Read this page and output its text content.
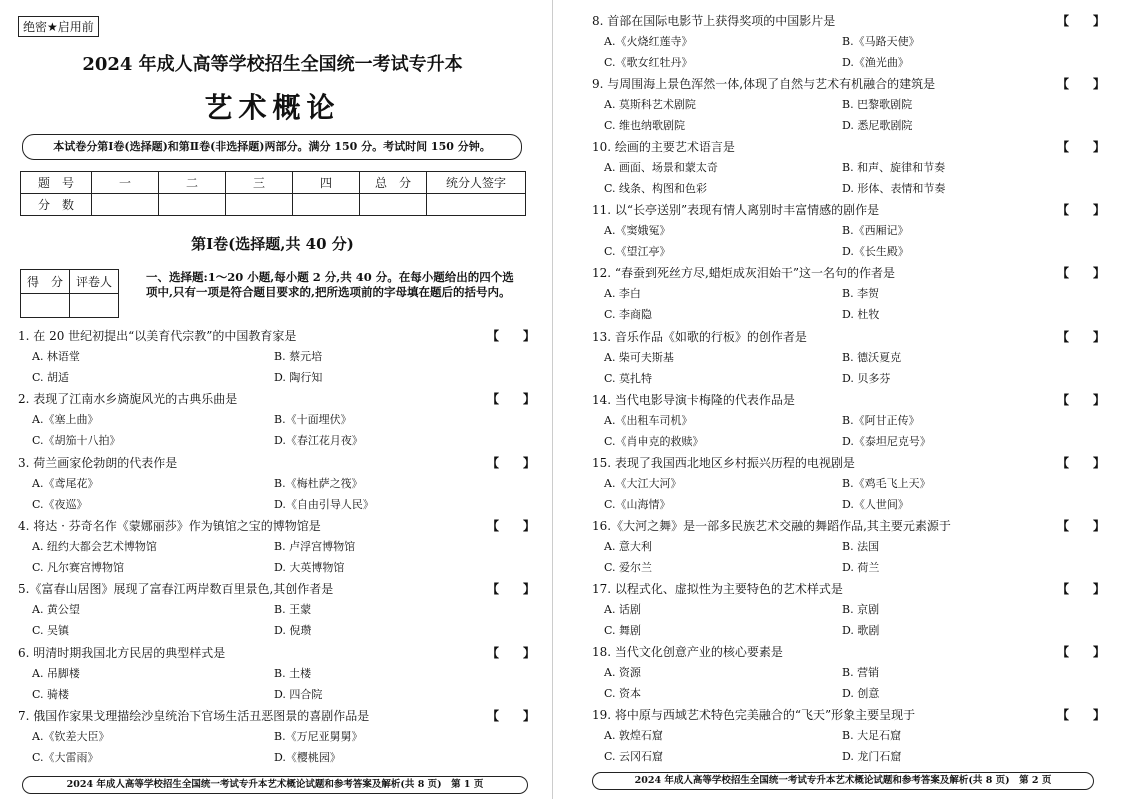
绝密★启用前
2024 年成人高等学校招生全国统一考试专升本
艺术概论
本试卷分第Ⅰ卷(选择题)和第Ⅱ卷(非选择题)两部分。满分 150 分。考试时间 150 分钟。
题　号	一	二	三	四	总　分	统分人签字
分　数						
第Ⅰ卷(选择题,共 40 分)
得　分	评卷人
		一、选择题:1～20 小题,每小题 2 分,共 40 分。在每小题给出的四个选项中,只有一项是符合题目要求的,把所选项前的字母填在题后的括号内。
1. 在 20 世纪初提出“以美育代宗教”的中国教育家是	【　　】
A. 林语堂	B. 蔡元培
C. 胡适	D. 陶行知
2. 表现了江南水乡旖旎风光的古典乐曲是	【　　】
A.《塞上曲》	B.《十面埋伏》
C.《胡笳十八拍》	D.《春江花月夜》
3. 荷兰画家伦勃朗的代表作是	【　　】
A.《鸢尾花》	B.《梅杜萨之筏》
C.《夜巡》	D.《自由引导人民》
4. 将达 · 芬奇名作《蒙娜丽莎》作为镇馆之宝的博物馆是	【　　】
A. 纽约大都会艺术博物馆	B. 卢浮宫博物馆
C. 凡尔赛宫博物馆	D. 大英博物馆
5.《富春山居图》展现了富春江两岸数百里景色,其创作者是	【　　】
A. 黄公望	B. 王蒙
C. 吴镇	D. 倪瓒
6. 明清时期我国北方民居的典型样式是	【　　】
A. 吊脚楼	B. 土楼
C. 骑楼	D. 四合院
7. 俄国作家果戈理描绘沙皇统治下官场生活丑恶图景的喜剧作品是	【　　】
A.《钦差大臣》	B.《万尼亚舅舅》
C.《大雷雨》	D.《樱桃园》
2024 年成人高等学校招生全国统一考试专升本艺术概论试题和参考答案及解析(共 8 页)　第 1 页
8. 首部在国际电影节上获得奖项的中国影片是	【　　】
A.《火烧红莲寺》	B.《马路天使》
C.《歌女红牡丹》	D.《渔光曲》
9. 与周围海上景色浑然一体,体现了自然与艺术有机融合的建筑是	【　　】
A. 莫斯科艺术剧院	B. 巴黎歌剧院
C. 维也纳歌剧院	D. 悉尼歌剧院
10. 绘画的主要艺术语言是	【　　】
A. 画面、场景和蒙太奇	B. 和声、旋律和节奏
C. 线条、构图和色彩	D. 形体、表情和节奏
11. 以“长亭送别”表现有情人离别时丰富情感的剧作是	【　　】
A.《窦娥冤》	B.《西厢记》
C.《望江亭》	D.《长生殿》
12. “春蚕到死丝方尽,蜡炬成灰泪始干”这一名句的作者是	【　　】
A. 李白	B. 李贺
C. 李商隐	D. 杜牧
13. 音乐作品《如歌的行板》的创作者是	【　　】
A. 柴可夫斯基	B. 德沃夏克
C. 莫扎特	D. 贝多芬
14. 当代电影导演卡梅隆的代表作品是	【　　】
A.《出租车司机》	B.《阿甘正传》
C.《肖申克的救赎》	D.《泰坦尼克号》
15. 表现了我国西北地区乡村振兴历程的电视剧是	【　　】
A.《大江大河》	B.《鸡毛飞上天》
C.《山海情》	D.《人世间》
16.《大河之舞》是一部多民族艺术交融的舞蹈作品,其主要元素源于	【　　】
A. 意大利	B. 法国
C. 爱尔兰	D. 荷兰
17. 以程式化、虚拟性为主要特色的艺术样式是	【　　】
A. 话剧	B. 京剧
C. 舞剧	D. 歌剧
18. 当代文化创意产业的核心要素是	【　　】
A. 资源	B. 营销
C. 资本	D. 创意
19. 将中原与西域艺术特色完美融合的“飞天”形象主要呈现于	【　　】
A. 敦煌石窟	B. 大足石窟
C. 云冈石窟	D. 龙门石窟
2024 年成人高等学校招生全国统一考试专升本艺术概论试题和参考答案及解析(共 8 页)　第 2 页
